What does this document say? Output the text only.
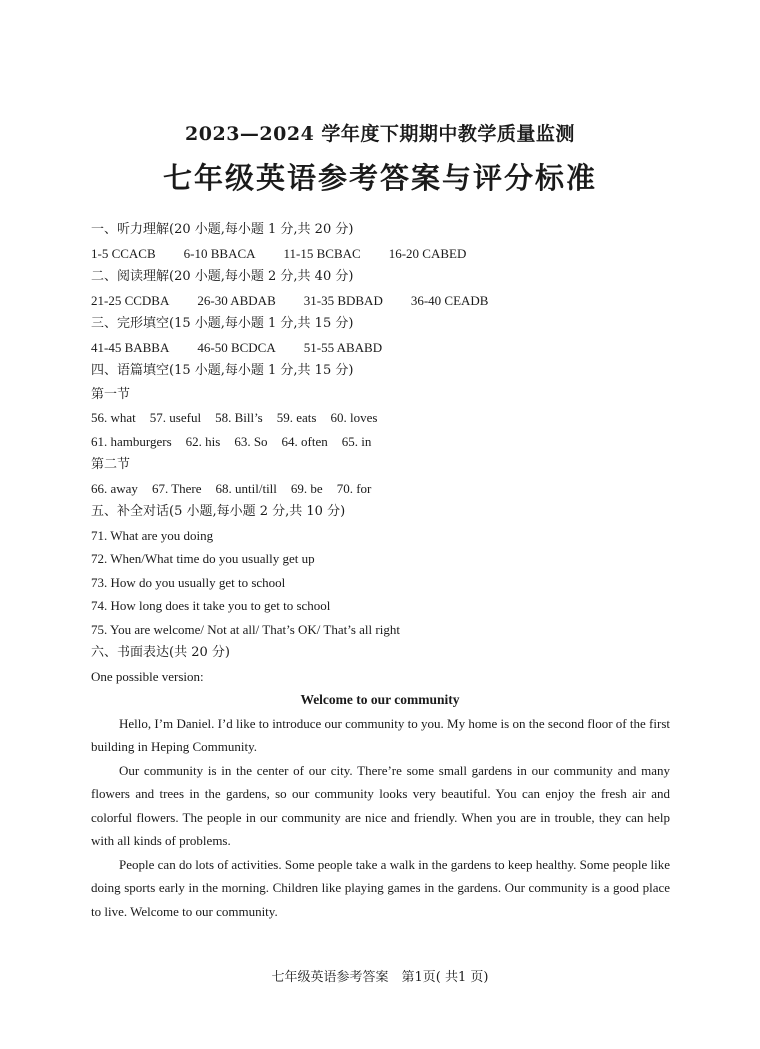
2023—2024 学年度下期期中教学质量监测
七年级英语参考答案与评分标准
一、听力理解(20 小题,每小题 1 分,共 20 分)
1-5 CCACB 6-10 BBACA 11-15 BCBAC 16-20 CABED
二、阅读理解(20 小题,每小题 2 分,共 40 分)
21-25 CCDBA 26-30 ABDAB 31-35 BDBAD 36-40 CEADB
三、完形填空(15 小题,每小题 1 分,共 15 分)
41-45 BABBA 46-50 BCDCA 51-55 ABABD
四、语篇填空(15 小题,每小题 1 分,共 15 分)
第一节
56. what 57. useful 58. Bill’s 59. eats 60. loves
61. hamburgers 62. his 63. So 64. often 65. in
第二节
66. away 67. There 68. until/till 69. be 70. for
五、补全对话(5 小题,每小题 2 分,共 10 分)
71. What are you doing
72. When/What time do you usually get up
73. How do you usually get to school
74. How long does it take you to get to school
75. You are welcome/ Not at all/ That’s OK/ That’s all right
六、书面表达(共 20 分)
One possible version:
Welcome to our community

Hello, I’m Daniel. I’d like to introduce our community to you. My home is on the second floor of the first building in Heping Community.

Our community is in the center of our city. There’re some small gardens in our community and many flowers and trees in the gardens, so our community looks very beautiful. You can enjoy the fresh air and colorful flowers. The people in our community are nice and friendly. When you are in trouble, they can help with all kinds of problems.

People can do lots of activities. Some people take a walk in the gardens to keep healthy. Some people like doing sports early in the morning. Children like playing games in the gardens. Our community is a good place to live. Welcome to our community.

七年级英语参考答案　第1页( 共1 页)
